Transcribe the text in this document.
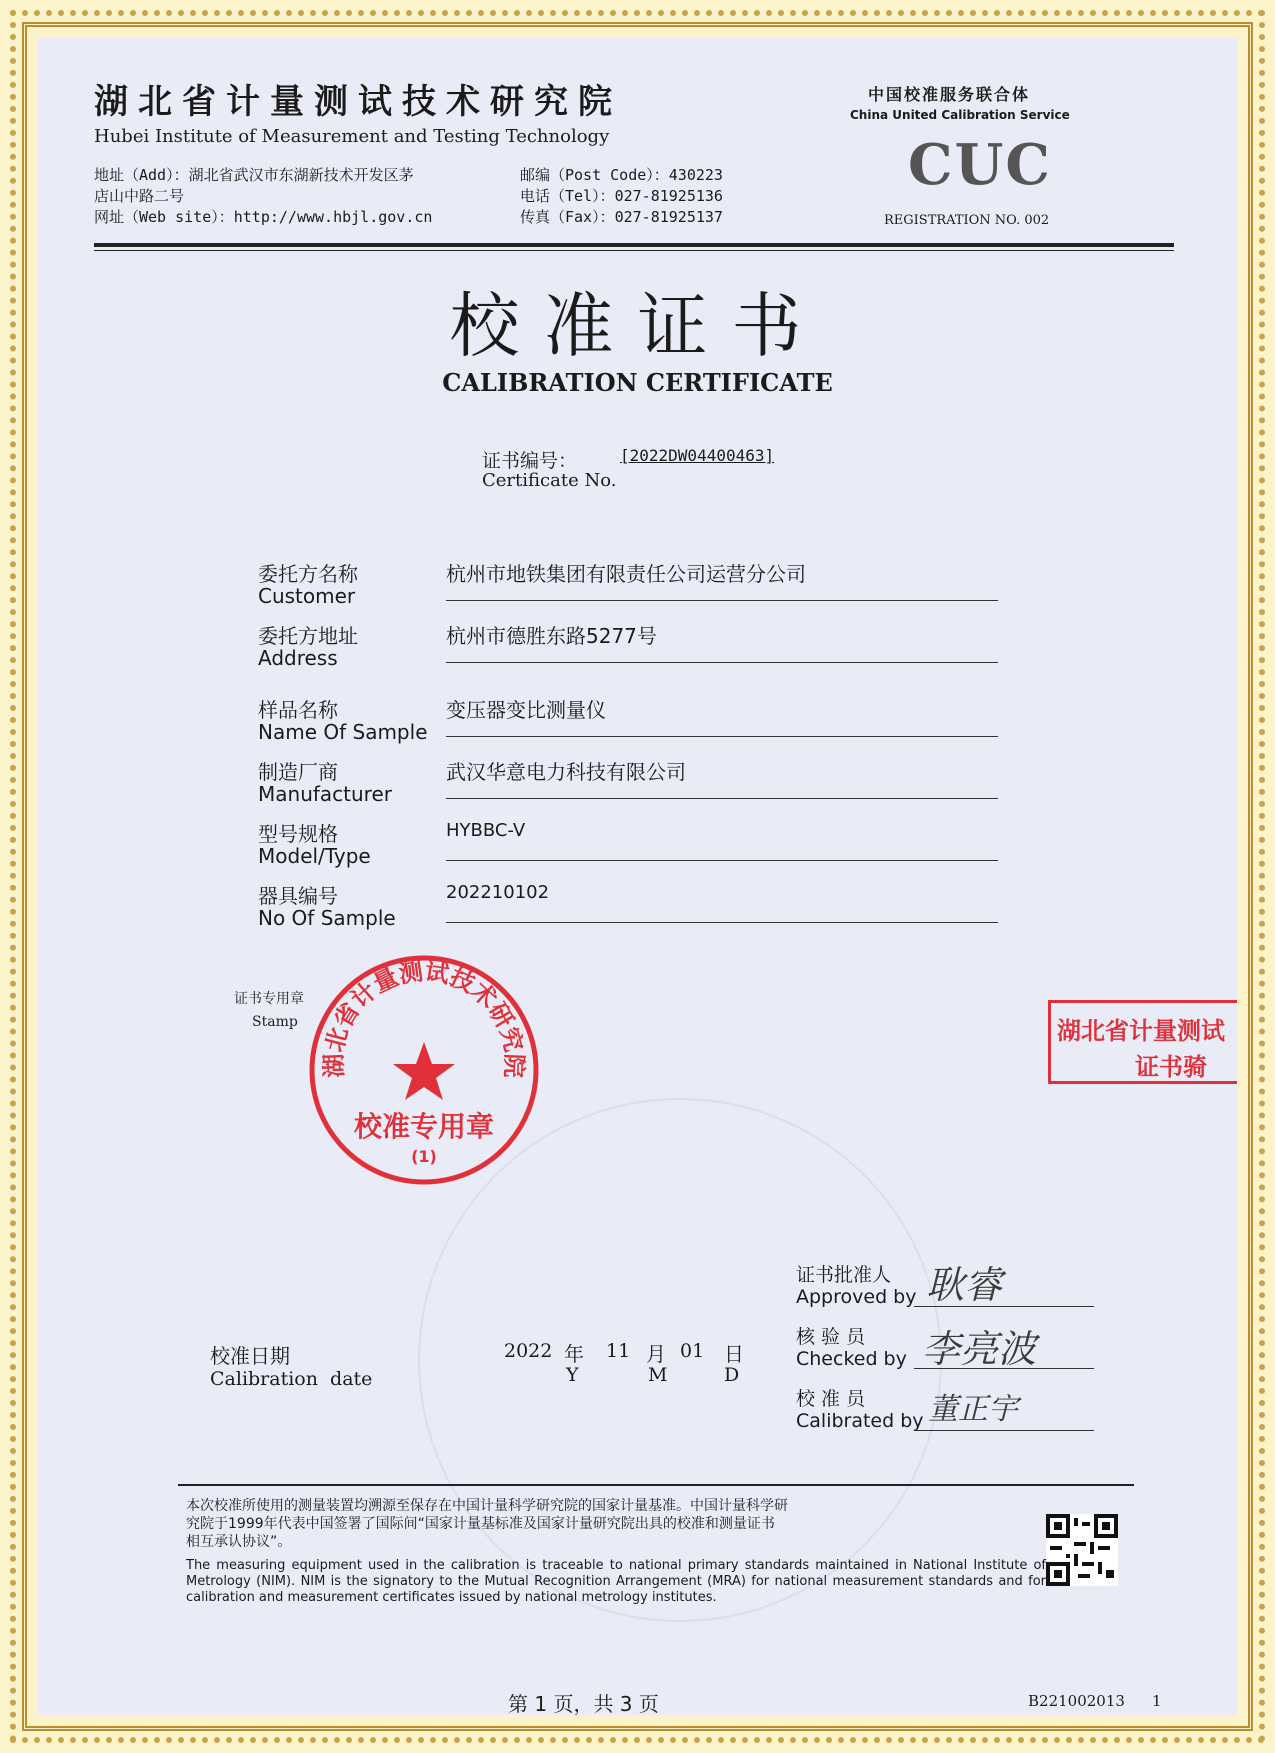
湖北省计量测试技术研究院
Hubei Institute of Measurement and Testing Technology
地址（Add）：湖北省武汉市东湖新技术开发区茅
店山中路二号
网址（Web site）：http://www.hbjl.gov.cn
邮编（Post Code）：430223
电话（Tel）：027-81925136
传真（Fax）：027-81925137
中国校准服务联合体
China United Calibration Service
CUC
REGISTRATION NO. 002
校准证书
CALIBRATION CERTIFICATE
证书编号：
Certificate No.
[2022DW04400463]
委托方名称
Customer
杭州市地铁集团有限责任公司运营分公司
委托方地址
Address
杭州市德胜东路5277号
样品名称
Name Of Sample
变压器变比测量仪
制造厂商
Manufacturer
武汉华意电力科技有限公司
型号规格
Model/Type
HYBBC-V
器具编号
No Of Sample
202210102
证书专用章
Stamp
湖北省计量测试技术研究院
校准专用章
(1)
湖北省计量测试
证书骑
校准日期
Calibration  date
2022 年 11 月 01 日
Y	M	D
证书批准人
Approved by 耿睿
核 验 员
Checked by 李亮波
校 准 员
Calibrated by 董正宇
本次校准所使用的测量装置均溯源至保存在中国计量科学研究院的国家计量基准。中国计量科学研
究院于1999年代表中国签署了国际间“国家计量基标准及国家计量研究院出具的校准和测量证书
相互承认协议”。
The measuring equipment used in the calibration is traceable to national primary standards maintained in National Institute of Metrology (NIM). NIM is the signatory to the Mutual Recognition Arrangement (MRA) for national measurement standards and for calibration and measurement certificates issued by national metrology institutes.
第 1 页，共 3 页	B221002013 1
